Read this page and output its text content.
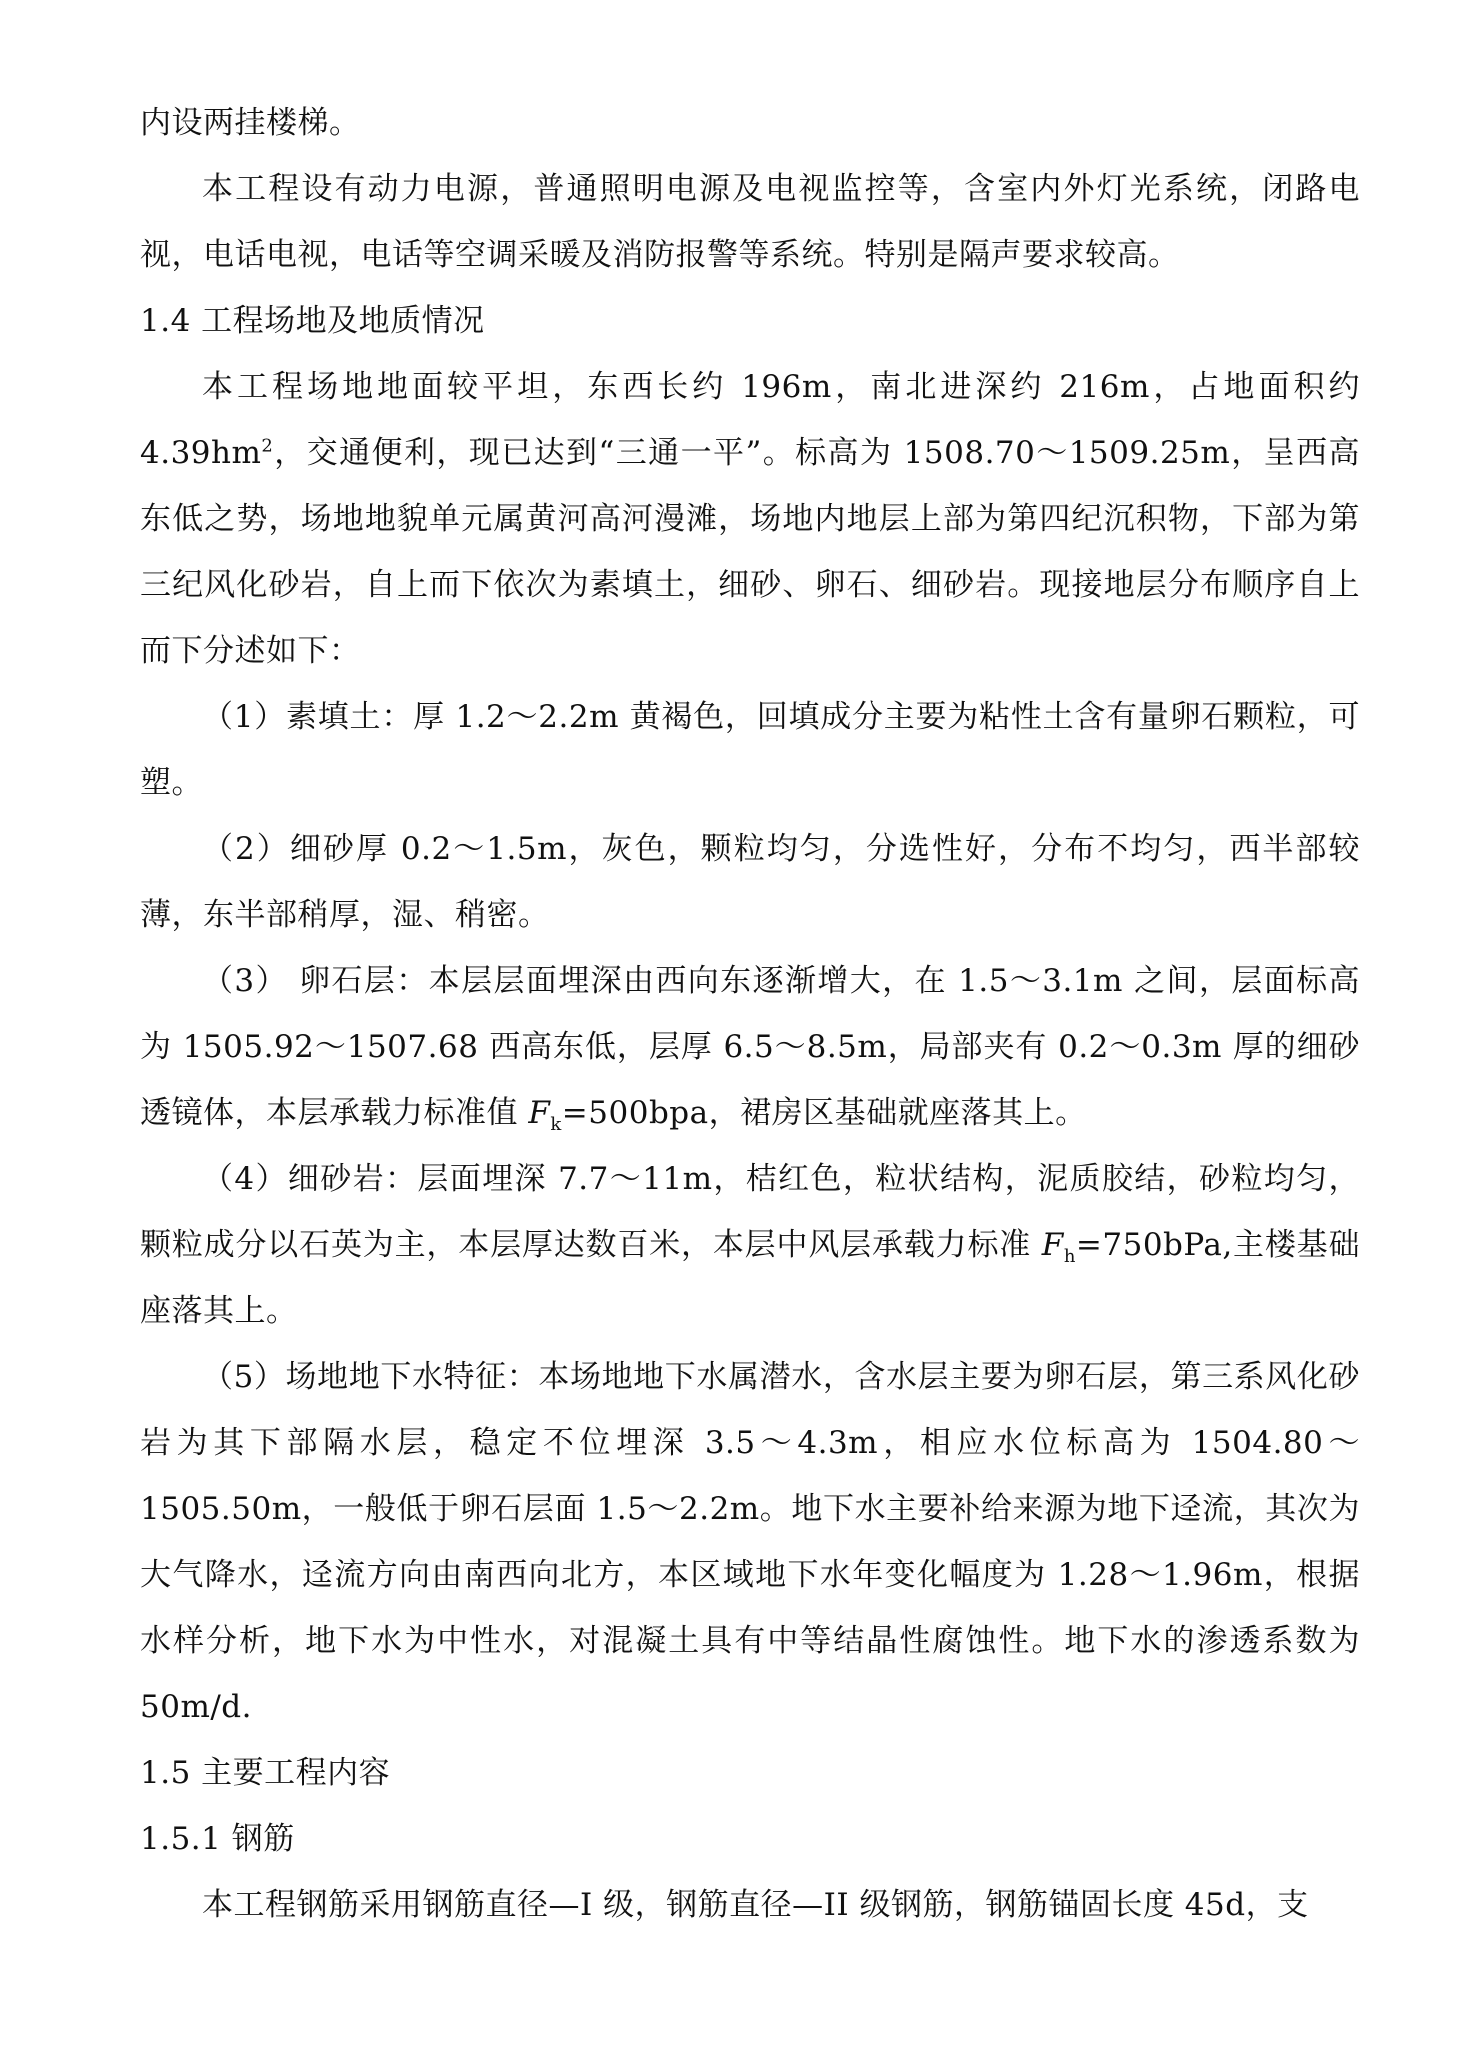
内设两挂楼梯。

本工程设有动力电源，普通照明电源及电视监控等，含室内外灯光系统，闭路电视，电话电视，电话等空调采暖及消防报警等系统。特别是隔声要求较高。

1.4 工程场地及地质情况

本工程场地地面较平坦，东西长约 196m，南北进深约 216m，占地面积约 $4.39hm^2$，交通便利，现已达到“三通一平”。标高为 1508.70～1509.25m，呈西高东低之势，场地地貌单元属黄河高河漫滩，场地内地层上部为第四纪沉积物，下部为第三纪风化砂岩，自上而下依次为素填土，细砂、卵石、细砂岩。现接地层分布顺序自上而下分述如下：

（1）素填土：厚 1.2～2.2m 黄褐色，回填成分主要为粘性土含有量卵石颗粒，可塑。

（2）细砂厚 0.2～1.5m，灰色，颗粒均匀，分选性好，分布不均匀，西半部较薄，东半部稍厚，湿、稍密。

（3） 卵石层：本层层面埋深由西向东逐渐增大，在 1.5～3.1m 之间，层面标高为 1505.92～1507.68 西高东低，层厚 6.5～8.5m，局部夹有 0.2～0.3m 厚的细砂透镜体，本层承载力标准值 $F_k=500bpa$，裙房区基础就座落其上。

（4）细砂岩：层面埋深 7.7～11m，桔红色，粒状结构，泥质胶结，砂粒均匀，颗粒成分以石英为主，本层厚达数百米，本层中风层承载力标准 $F_h=750bPa$,主楼基础座落其上。

（5）场地地下水特征：本场地地下水属潜水，含水层主要为卵石层，第三系风化砂岩为其下部隔水层，稳定不位埋深 3.5～4.3m，相应水位标高为 1504.80～1505.50m，一般低于卵石层面 1.5～2.2m。地下水主要补给来源为地下迳流，其次为大气降水，迳流方向由南西向北方，本区域地下水年变化幅度为 1.28～1.96m，根据水样分析，地下水为中性水，对混凝土具有中等结晶性腐蚀性。地下水的渗透系数为 50m/d.

1.5 主要工程内容

1.5.1 钢筋

本工程钢筋采用钢筋直径—I 级，钢筋直径—II 级钢筋，钢筋锚固长度 45d，支
